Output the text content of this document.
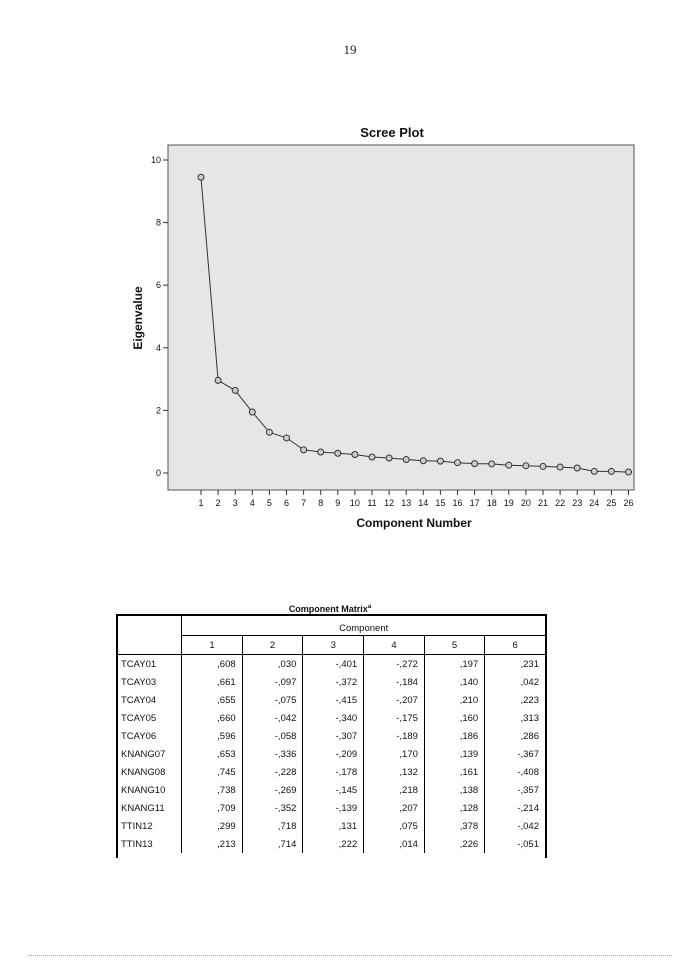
19
Scree Plot
0
2
4
6
8
10
1 2 3 4 5 6 7 8 9 10 11 12 13 14 15 16 17 18 19 20 21 22 23 24 25 26
Eigenvalue
Component Number
Component Matrix$^a$
	Component					
	1	2	3	4	5	6
TCAY01	,608	,030	-,401	-,272	,197	,231
TCAY03	,661	-,097	-,372	-,184	,140	,042
TCAY04	,655	-,075	-,415	-,207	,210	,223
TCAY05	,660	-,042	-,340	-,175	,160	,313
TCAY06	,596	-,058	-,307	-,189	,186	,286
KNANG07	,653	-,336	-,209	,170	,139	-,367
KNANG08	,745	-,228	-,178	,132	,161	-,408
KNANG10	,738	-,269	-,145	,218	,138	-,357
KNANG11	,709	-,352	-,139	,207	,128	-,214
TTIN12	,299	,718	,131	,075	,378	-,042
TTIN13	,213	,714	,222	,014	,226	-,051
